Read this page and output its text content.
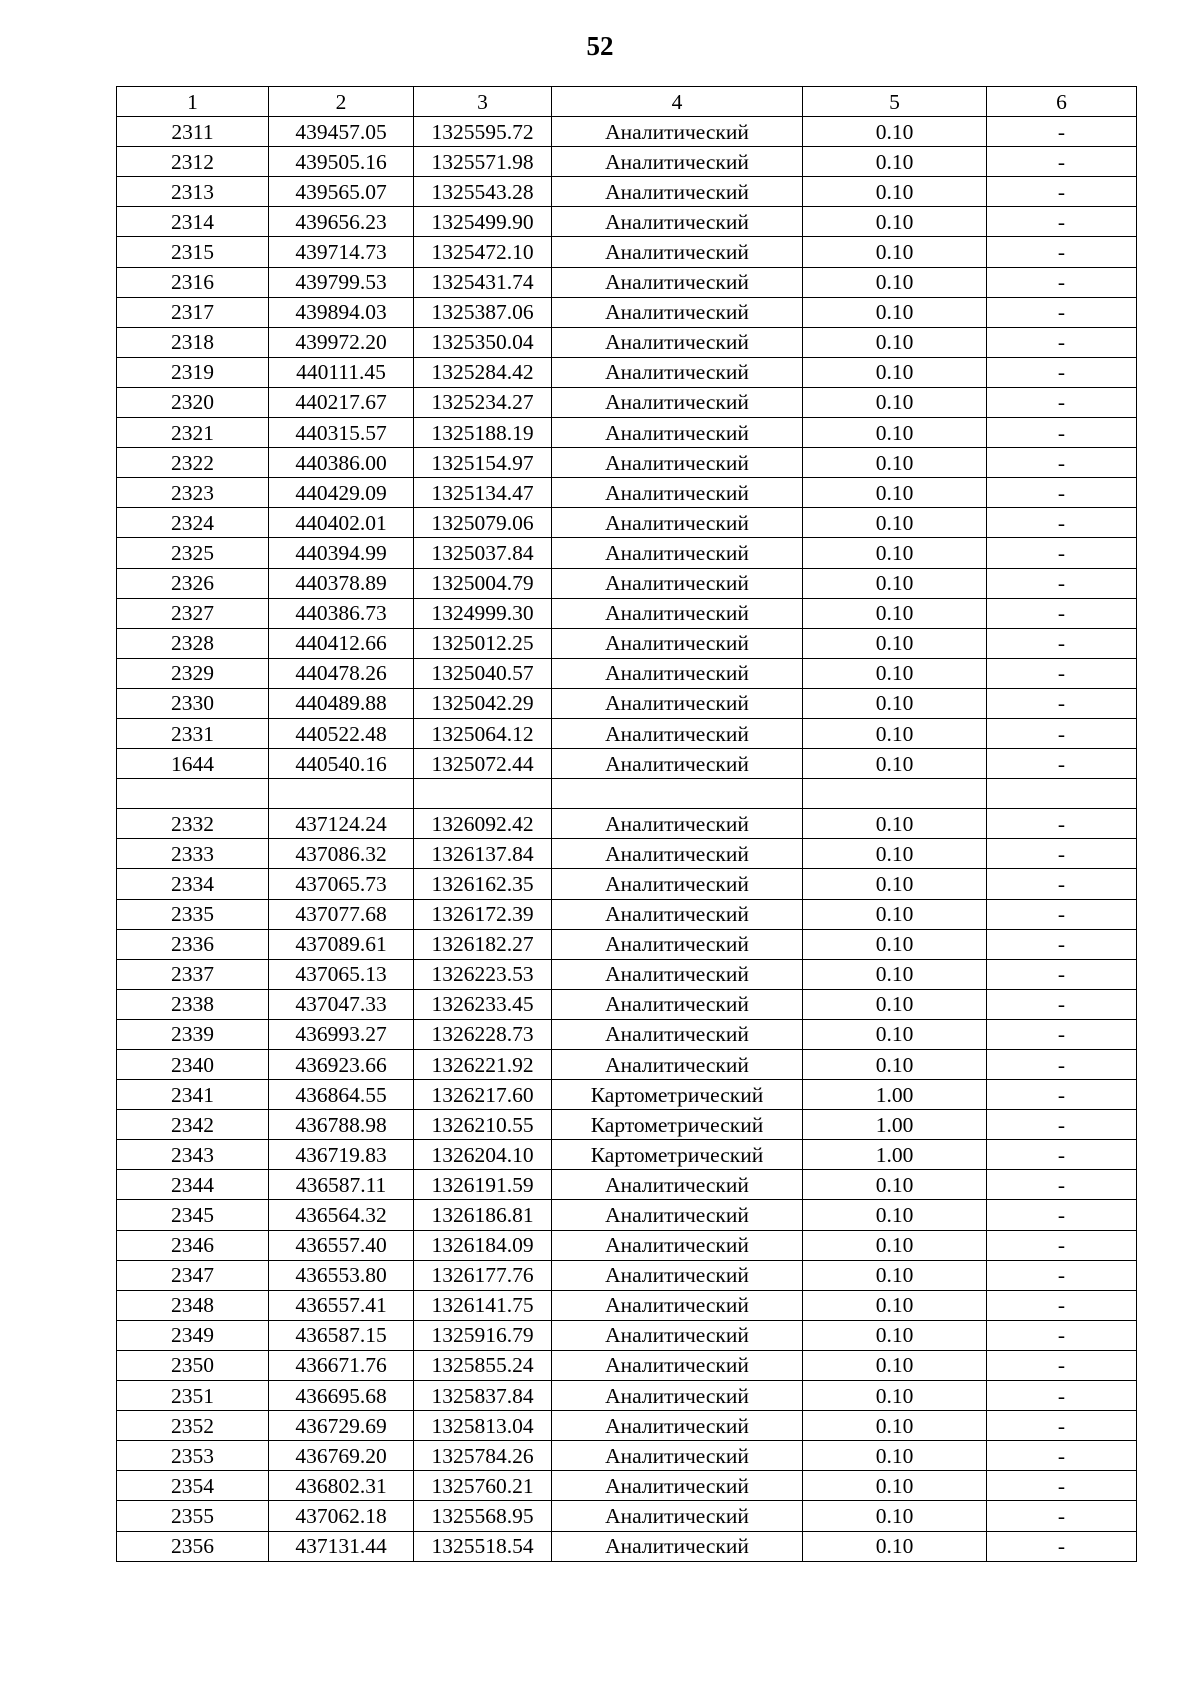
52
1	2	3	4	5	6
2311	439457.05	1325595.72	Аналитический	0.10	-
2312	439505.16	1325571.98	Аналитический	0.10	-
2313	439565.07	1325543.28	Аналитический	0.10	-
2314	439656.23	1325499.90	Аналитический	0.10	-
2315	439714.73	1325472.10	Аналитический	0.10	-
2316	439799.53	1325431.74	Аналитический	0.10	-
2317	439894.03	1325387.06	Аналитический	0.10	-
2318	439972.20	1325350.04	Аналитический	0.10	-
2319	440111.45	1325284.42	Аналитический	0.10	-
2320	440217.67	1325234.27	Аналитический	0.10	-
2321	440315.57	1325188.19	Аналитический	0.10	-
2322	440386.00	1325154.97	Аналитический	0.10	-
2323	440429.09	1325134.47	Аналитический	0.10	-
2324	440402.01	1325079.06	Аналитический	0.10	-
2325	440394.99	1325037.84	Аналитический	0.10	-
2326	440378.89	1325004.79	Аналитический	0.10	-
2327	440386.73	1324999.30	Аналитический	0.10	-
2328	440412.66	1325012.25	Аналитический	0.10	-
2329	440478.26	1325040.57	Аналитический	0.10	-
2330	440489.88	1325042.29	Аналитический	0.10	-
2331	440522.48	1325064.12	Аналитический	0.10	-
1644	440540.16	1325072.44	Аналитический	0.10	-

2332	437124.24	1326092.42	Аналитический	0.10	-
2333	437086.32	1326137.84	Аналитический	0.10	-
2334	437065.73	1326162.35	Аналитический	0.10	-
2335	437077.68	1326172.39	Аналитический	0.10	-
2336	437089.61	1326182.27	Аналитический	0.10	-
2337	437065.13	1326223.53	Аналитический	0.10	-
2338	437047.33	1326233.45	Аналитический	0.10	-
2339	436993.27	1326228.73	Аналитический	0.10	-
2340	436923.66	1326221.92	Аналитический	0.10	-
2341	436864.55	1326217.60	Картометрический	1.00	-
2342	436788.98	1326210.55	Картометрический	1.00	-
2343	436719.83	1326204.10	Картометрический	1.00	-
2344	436587.11	1326191.59	Аналитический	0.10	-
2345	436564.32	1326186.81	Аналитический	0.10	-
2346	436557.40	1326184.09	Аналитический	0.10	-
2347	436553.80	1326177.76	Аналитический	0.10	-
2348	436557.41	1326141.75	Аналитический	0.10	-
2349	436587.15	1325916.79	Аналитический	0.10	-
2350	436671.76	1325855.24	Аналитический	0.10	-
2351	436695.68	1325837.84	Аналитический	0.10	-
2352	436729.69	1325813.04	Аналитический	0.10	-
2353	436769.20	1325784.26	Аналитический	0.10	-
2354	436802.31	1325760.21	Аналитический	0.10	-
2355	437062.18	1325568.95	Аналитический	0.10	-
2356	437131.44	1325518.54	Аналитический	0.10	-
